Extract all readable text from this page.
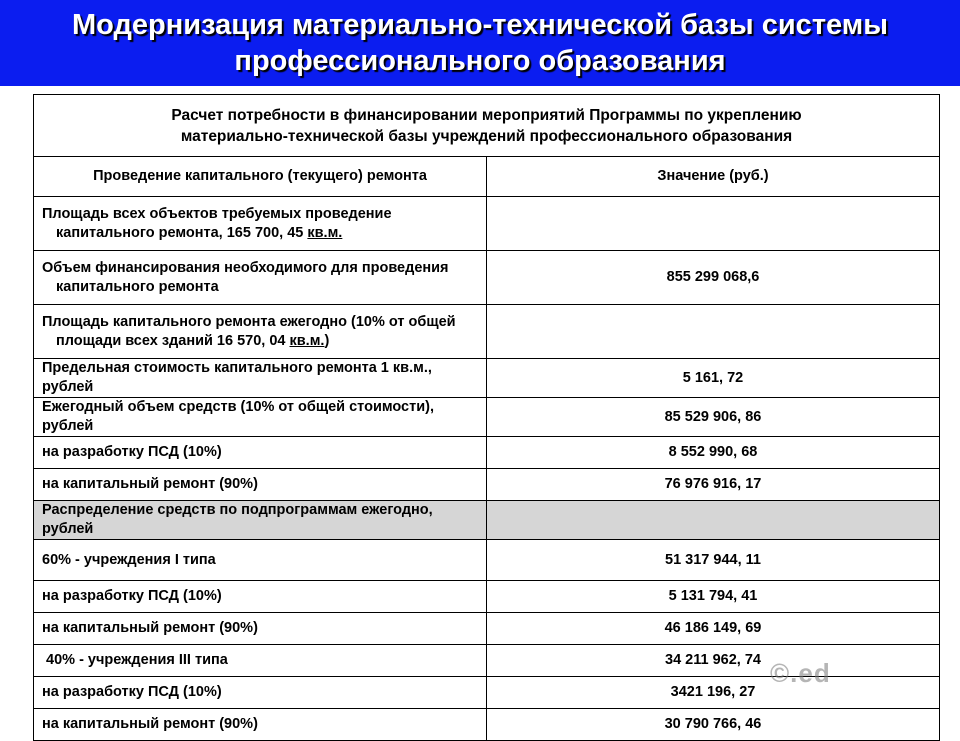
Модернизация материально-технической базы системы
профессионального образования
Расчет потребности в финансировании мероприятий Программы по укреплению
материально-технической базы учреждений профессионального образования	

Проведение капитального (текущего) ремонта	Значение (руб.)
Площадь всех объектов требуемых проведение капитального ремонта, 165 700, 45 кв.м.	
Объем финансирования необходимого для проведения капитального ремонта	855 299 068,6
Площадь капитального ремонта ежегодно (10% от общей площади всех зданий 16 570, 04 кв.м.)	
Предельная стоимость капитального ремонта 1 кв.м., рублей	5 161, 72
Ежегодный объем средств (10% от общей стоимости), рублей	85 529 906, 86
на разработку ПСД (10%)	8 552 990, 68
на капитальный ремонт (90%)	76 976 916, 17
Распределение средств по подпрограммам ежегодно, рублей	
60% - учреждения I типа	51 317 944, 11
на разработку ПСД (10%)	5 131 794, 41
на капитальный ремонт (90%)	46 186 149, 69
40% - учреждения III типа	34 211 962, 74
на разработку ПСД (10%)	3421 196, 27
на капитальный ремонт (90%)	30 790 766, 46
©.ed
